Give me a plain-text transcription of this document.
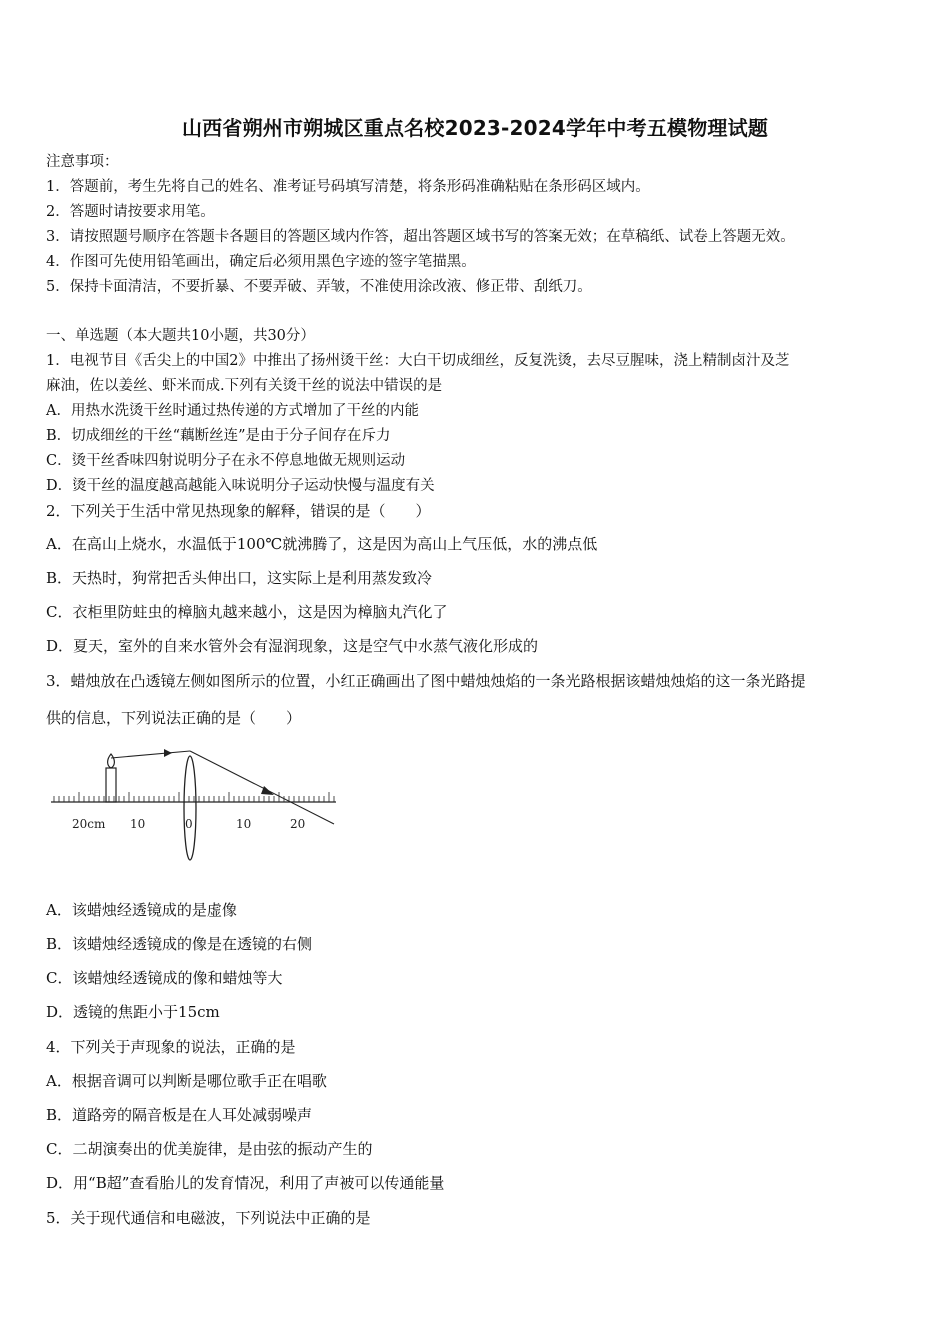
山西省朔州市朔城区重点名校2023-2024学年中考五模物理试题
注意事项：
1．答题前，考生先将自己的姓名、准考证号码填写清楚，将条形码准确粘贴在条形码区域内。
2．答题时请按要求用笔。
3．请按照题号顺序在答题卡各题目的答题区域内作答，超出答题区域书写的答案无效；在草稿纸、试卷上答题无效。
4．作图可先使用铅笔画出，确定后必须用黑色字迹的签字笔描黑。
5．保持卡面清洁，不要折暴、不要弄破、弄皱，不准使用涂改液、修正带、刮纸刀。
一、单选题（本大题共10小题，共30分）
1．电视节目《舌尖上的中国2》中推出了扬州烫干丝：大白干切成细丝，反复洗烫，去尽豆腥味，浇上精制卤汁及芝
麻油，佐以姜丝、虾米而成.下列有关烫干丝的说法中错误的是
A．用热水洗烫干丝时通过热传递的方式增加了干丝的内能
B．切成细丝的干丝“藕断丝连”是由于分子间存在斥力
C．烫干丝香味四射说明分子在永不停息地做无规则运动
D．烫干丝的温度越高越能入味说明分子运动快慢与温度有关
2．下列关于生活中常见热现象的解释，错误的是（　　）
A．在高山上烧水，水温低于100℃就沸腾了，这是因为高山上气压低，水的沸点低
B．天热时，狗常把舌头伸出口，这实际上是利用蒸发致冷
C．衣柜里防蛀虫的樟脑丸越来越小，这是因为樟脑丸汽化了
D．夏天，室外的自来水管外会有湿润现象，这是空气中水蒸气液化形成的
3．蜡烛放在凸透镜左侧如图所示的位置，小红正确画出了图中蜡烛烛焰的一条光路根据该蜡烛烛焰的这一条光路提
供的信息，下列说法正确的是（　　）
20cm 10	0	10	20
A．该蜡烛经透镜成的是虚像
B．该蜡烛经透镜成的像是在透镜的右侧
C．该蜡烛经透镜成的像和蜡烛等大
D．透镜的焦距小于15cm
4．下列关于声现象的说法，正确的是
A．根据音调可以判断是哪位歌手正在唱歌
B．道路旁的隔音板是在人耳处减弱噪声
C．二胡演奏出的优美旋律，是由弦的振动产生的
D．用“B超”查看胎儿的发育情况，利用了声被可以传通能量
5．关于现代通信和电磁波，下列说法中正确的是
